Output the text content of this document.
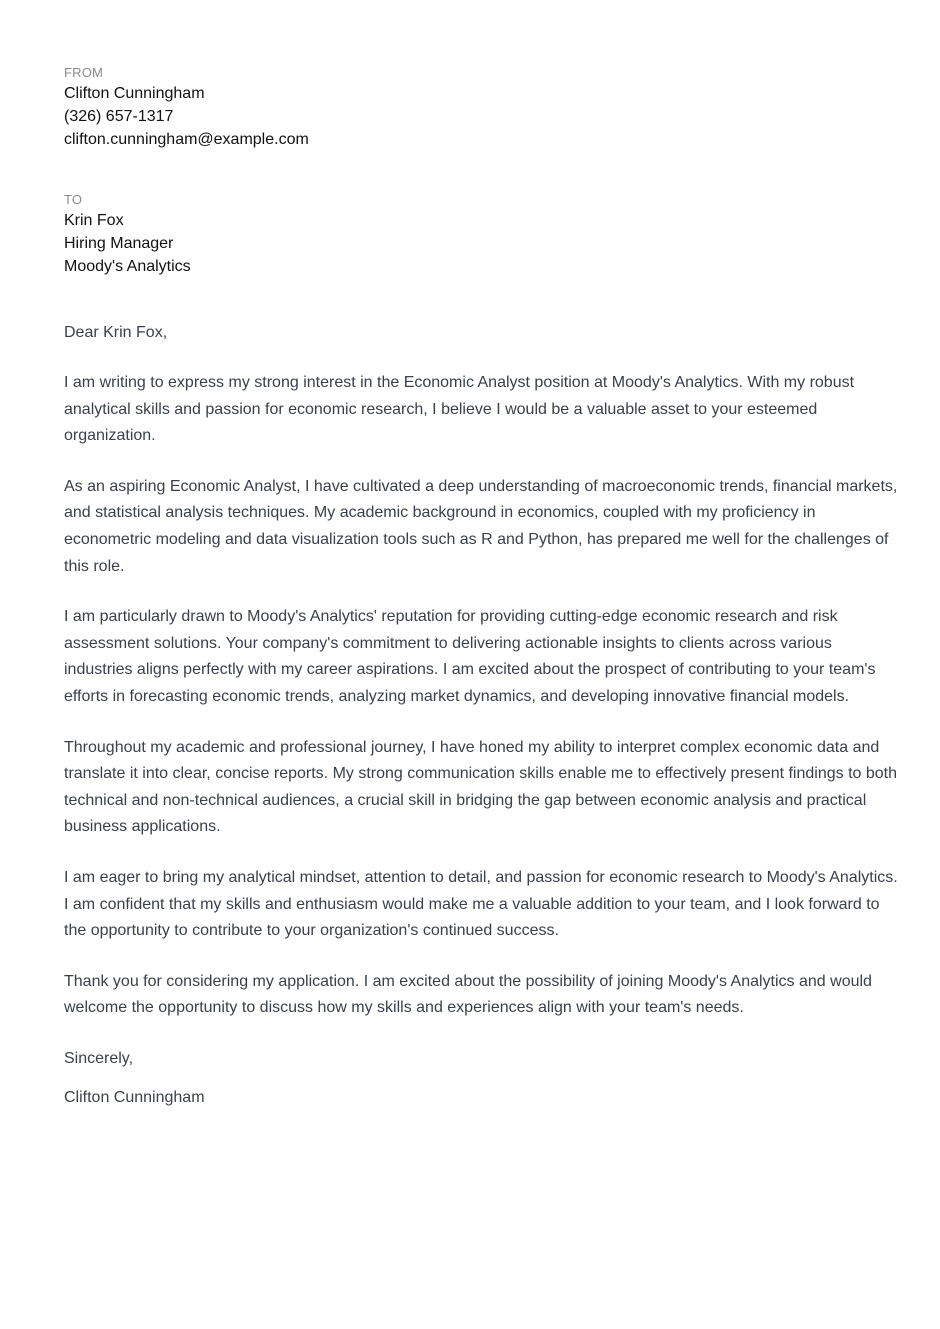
FROM

Clifton Cunningham

(326) 657-1317

clifton.cunningham@example.com

TO

Krin Fox

Hiring Manager

Moody's Analytics

Dear Krin Fox,

I am writing to express my strong interest in the Economic Analyst position at Moody's Analytics. With my robust analytical skills and passion for economic research, I believe I would be a valuable asset to your esteemed organization.

As an aspiring Economic Analyst, I have cultivated a deep understanding of macroeconomic trends, financial markets, and statistical analysis techniques. My academic background in economics, coupled with my proficiency in econometric modeling and data visualization tools such as R and Python, has prepared me well for the challenges of this role.

I am particularly drawn to Moody's Analytics' reputation for providing cutting-edge economic research and risk assessment solutions. Your company's commitment to delivering actionable insights to clients across various industries aligns perfectly with my career aspirations. I am excited about the prospect of contributing to your team's efforts in forecasting economic trends, analyzing market dynamics, and developing innovative financial models.

Throughout my academic and professional journey, I have honed my ability to interpret complex economic data and translate it into clear, concise reports. My strong communication skills enable me to effectively present findings to both technical and non-technical audiences, a crucial skill in bridging the gap between economic analysis and practical business applications.

I am eager to bring my analytical mindset, attention to detail, and passion for economic research to Moody's Analytics. I am confident that my skills and enthusiasm would make me a valuable addition to your team, and I look forward to the opportunity to contribute to your organization's continued success.

Thank you for considering my application. I am excited about the possibility of joining Moody's Analytics and would welcome the opportunity to discuss how my skills and experiences align with your team's needs.

Sincerely,

Clifton Cunningham
